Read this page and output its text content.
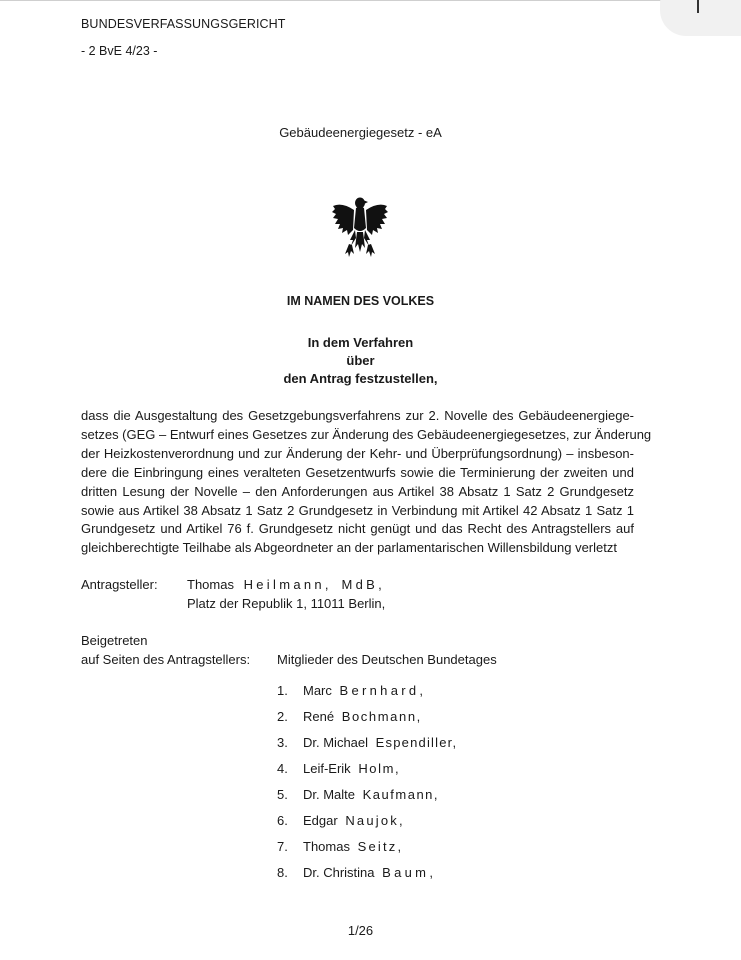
BUNDESVERFASSUNGSGERICHT
- 2 BvE 4/23 -
Gebäudeenergiegesetz - eA
IM NAMEN DES VOLKES
In dem Verfahren
über
den Antrag festzustellen,
dass die Ausgestaltung des Gesetzgebungsverfahrens zur 2. Novelle des Gebäudeenergiege-
setzes (GEG – Entwurf eines Gesetzes zur Änderung des Gebäudeenergiegesetzes, zur Änderung
der Heizkostenverordnung und zur Änderung der Kehr- und Überprüfungsordnung) – insbeson-
dere die Einbringung eines veralteten Gesetzentwurfs sowie die Terminierung der zweiten und
dritten Lesung der Novelle – den Anforderungen aus Artikel 38 Absatz 1 Satz 2 Grundgesetz
sowie aus Artikel 38 Absatz 1 Satz 2 Grundgesetz in Verbindung mit Artikel 42 Absatz 1 Satz 1
Grundgesetz und Artikel 76 f. Grundgesetz nicht genügt und das Recht des Antragstellers auf
gleichberechtigte Teilhabe als Abgeordneter an der parlamentarischen Willensbildung verletzt
Antragsteller: Thomas Heilmann, MdB,
Platz der Republik 1, 11011 Berlin,
Beigetreten
auf Seiten des Antragstellers: Mitglieder des Deutschen Bundetages
1. Marc Bernhard,
2. René Bochmann,
3. Dr. Michael Espendiller,
4. Leif-Erik Holm,
5. Dr. Malte Kaufmann,
6. Edgar Naujok,
7. Thomas Seitz,
8. Dr. Christina Baum,
1/26
